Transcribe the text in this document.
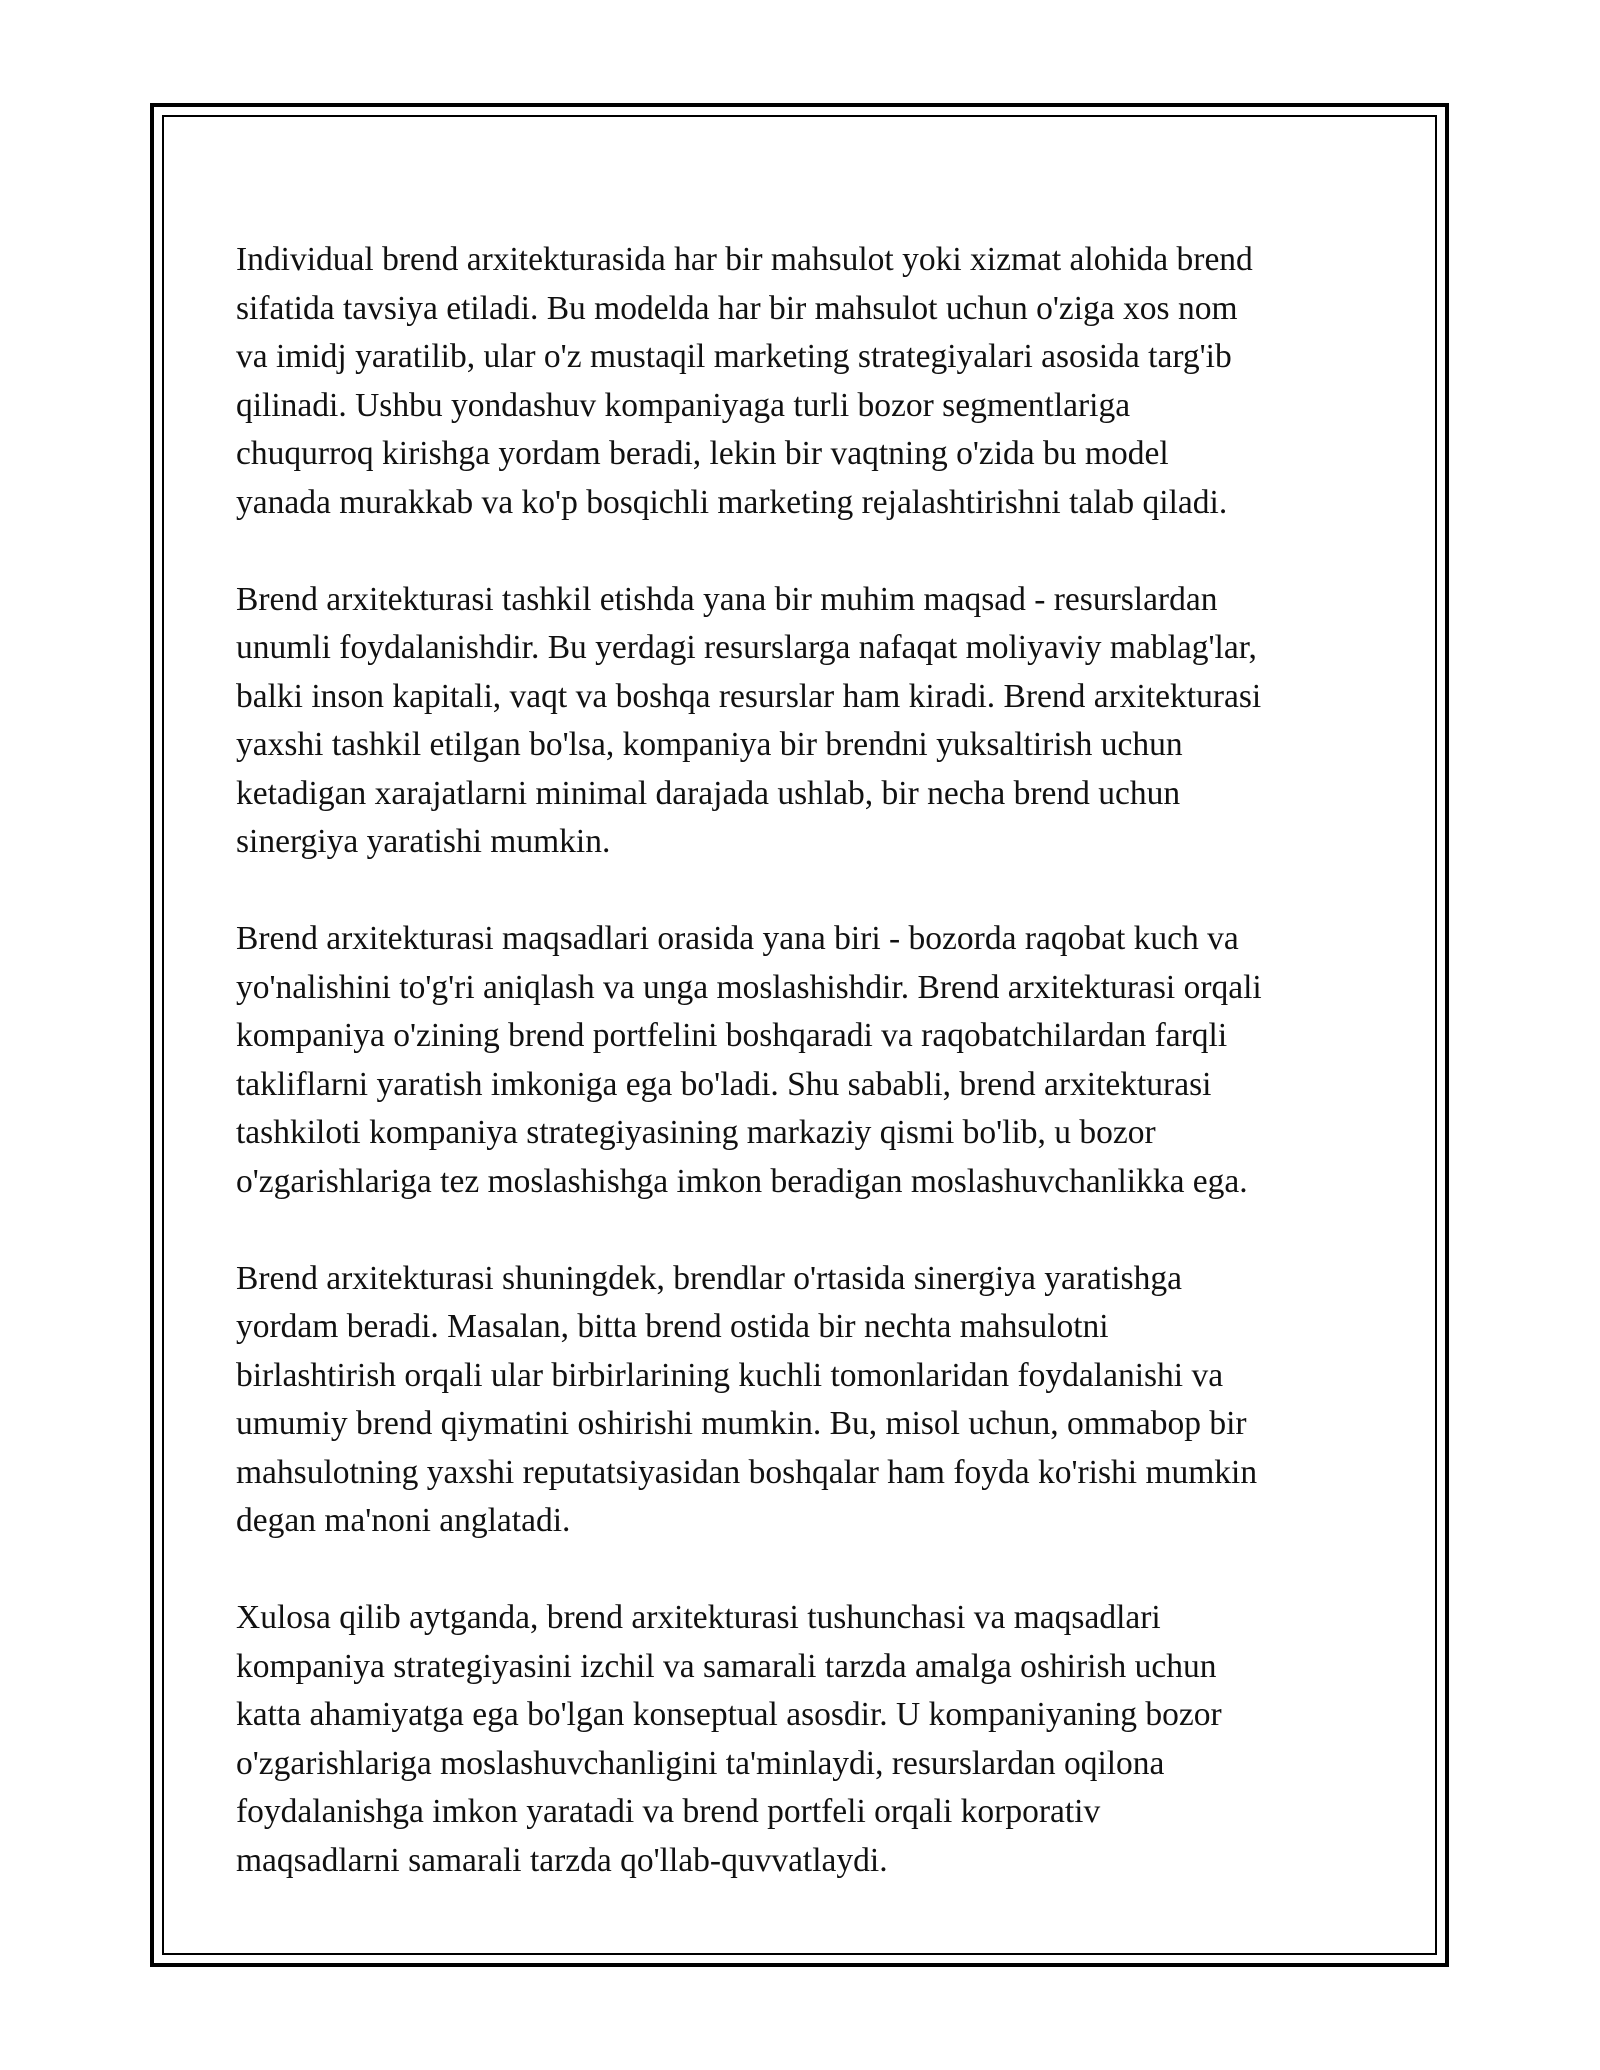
Individual brend arxitekturasida har bir mahsulot yoki xizmat alohida brend
sifatida tavsiya etiladi. Bu modelda har bir mahsulot uchun o'ziga xos nom
va imidj yaratilib, ular o'z mustaqil marketing strategiyalari asosida targ'ib
qilinadi. Ushbu yondashuv kompaniyaga turli bozor segmentlariga
chuqurroq kirishga yordam beradi, lekin bir vaqtning o'zida bu model
yanada murakkab va ko'p bosqichli marketing rejalashtirishni talab qiladi.

Brend arxitekturasi tashkil etishda yana bir muhim maqsad - resurslardan
unumli foydalanishdir. Bu yerdagi resurslarga nafaqat moliyaviy mablag'lar,
balki inson kapitali, vaqt va boshqa resurslar ham kiradi. Brend arxitekturasi
yaxshi tashkil etilgan bo'lsa, kompaniya bir brendni yuksaltirish uchun
ketadigan xarajatlarni minimal darajada ushlab, bir necha brend uchun
sinergiya yaratishi mumkin.

Brend arxitekturasi maqsadlari orasida yana biri - bozorda raqobat kuch va
yo'nalishini to'g'ri aniqlash va unga moslashishdir. Brend arxitekturasi orqali
kompaniya o'zining brend portfelini boshqaradi va raqobatchilardan farqli
takliflarni yaratish imkoniga ega bo'ladi. Shu sababli, brend arxitekturasi
tashkiloti kompaniya strategiyasining markaziy qismi bo'lib, u bozor
o'zgarishlariga tez moslashishga imkon beradigan moslashuvchanlikka ega.

Brend arxitekturasi shuningdek, brendlar o'rtasida sinergiya yaratishga
yordam beradi. Masalan, bitta brend ostida bir nechta mahsulotni
birlashtirish orqali ular birbirlarining kuchli tomonlaridan foydalanishi va
umumiy brend qiymatini oshirishi mumkin. Bu, misol uchun, ommabop bir
mahsulotning yaxshi reputatsiyasidan boshqalar ham foyda ko'rishi mumkin
degan ma'noni anglatadi.

Xulosa qilib aytganda, brend arxitekturasi tushunchasi va maqsadlari
kompaniya strategiyasini izchil va samarali tarzda amalga oshirish uchun
katta ahamiyatga ega bo'lgan konseptual asosdir. U kompaniyaning bozor
o'zgarishlariga moslashuvchanligini ta'minlaydi, resurslardan oqilona
foydalanishga imkon yaratadi va brend portfeli orqali korporativ
maqsadlarni samarali tarzda qo'llab-quvvatlaydi.
